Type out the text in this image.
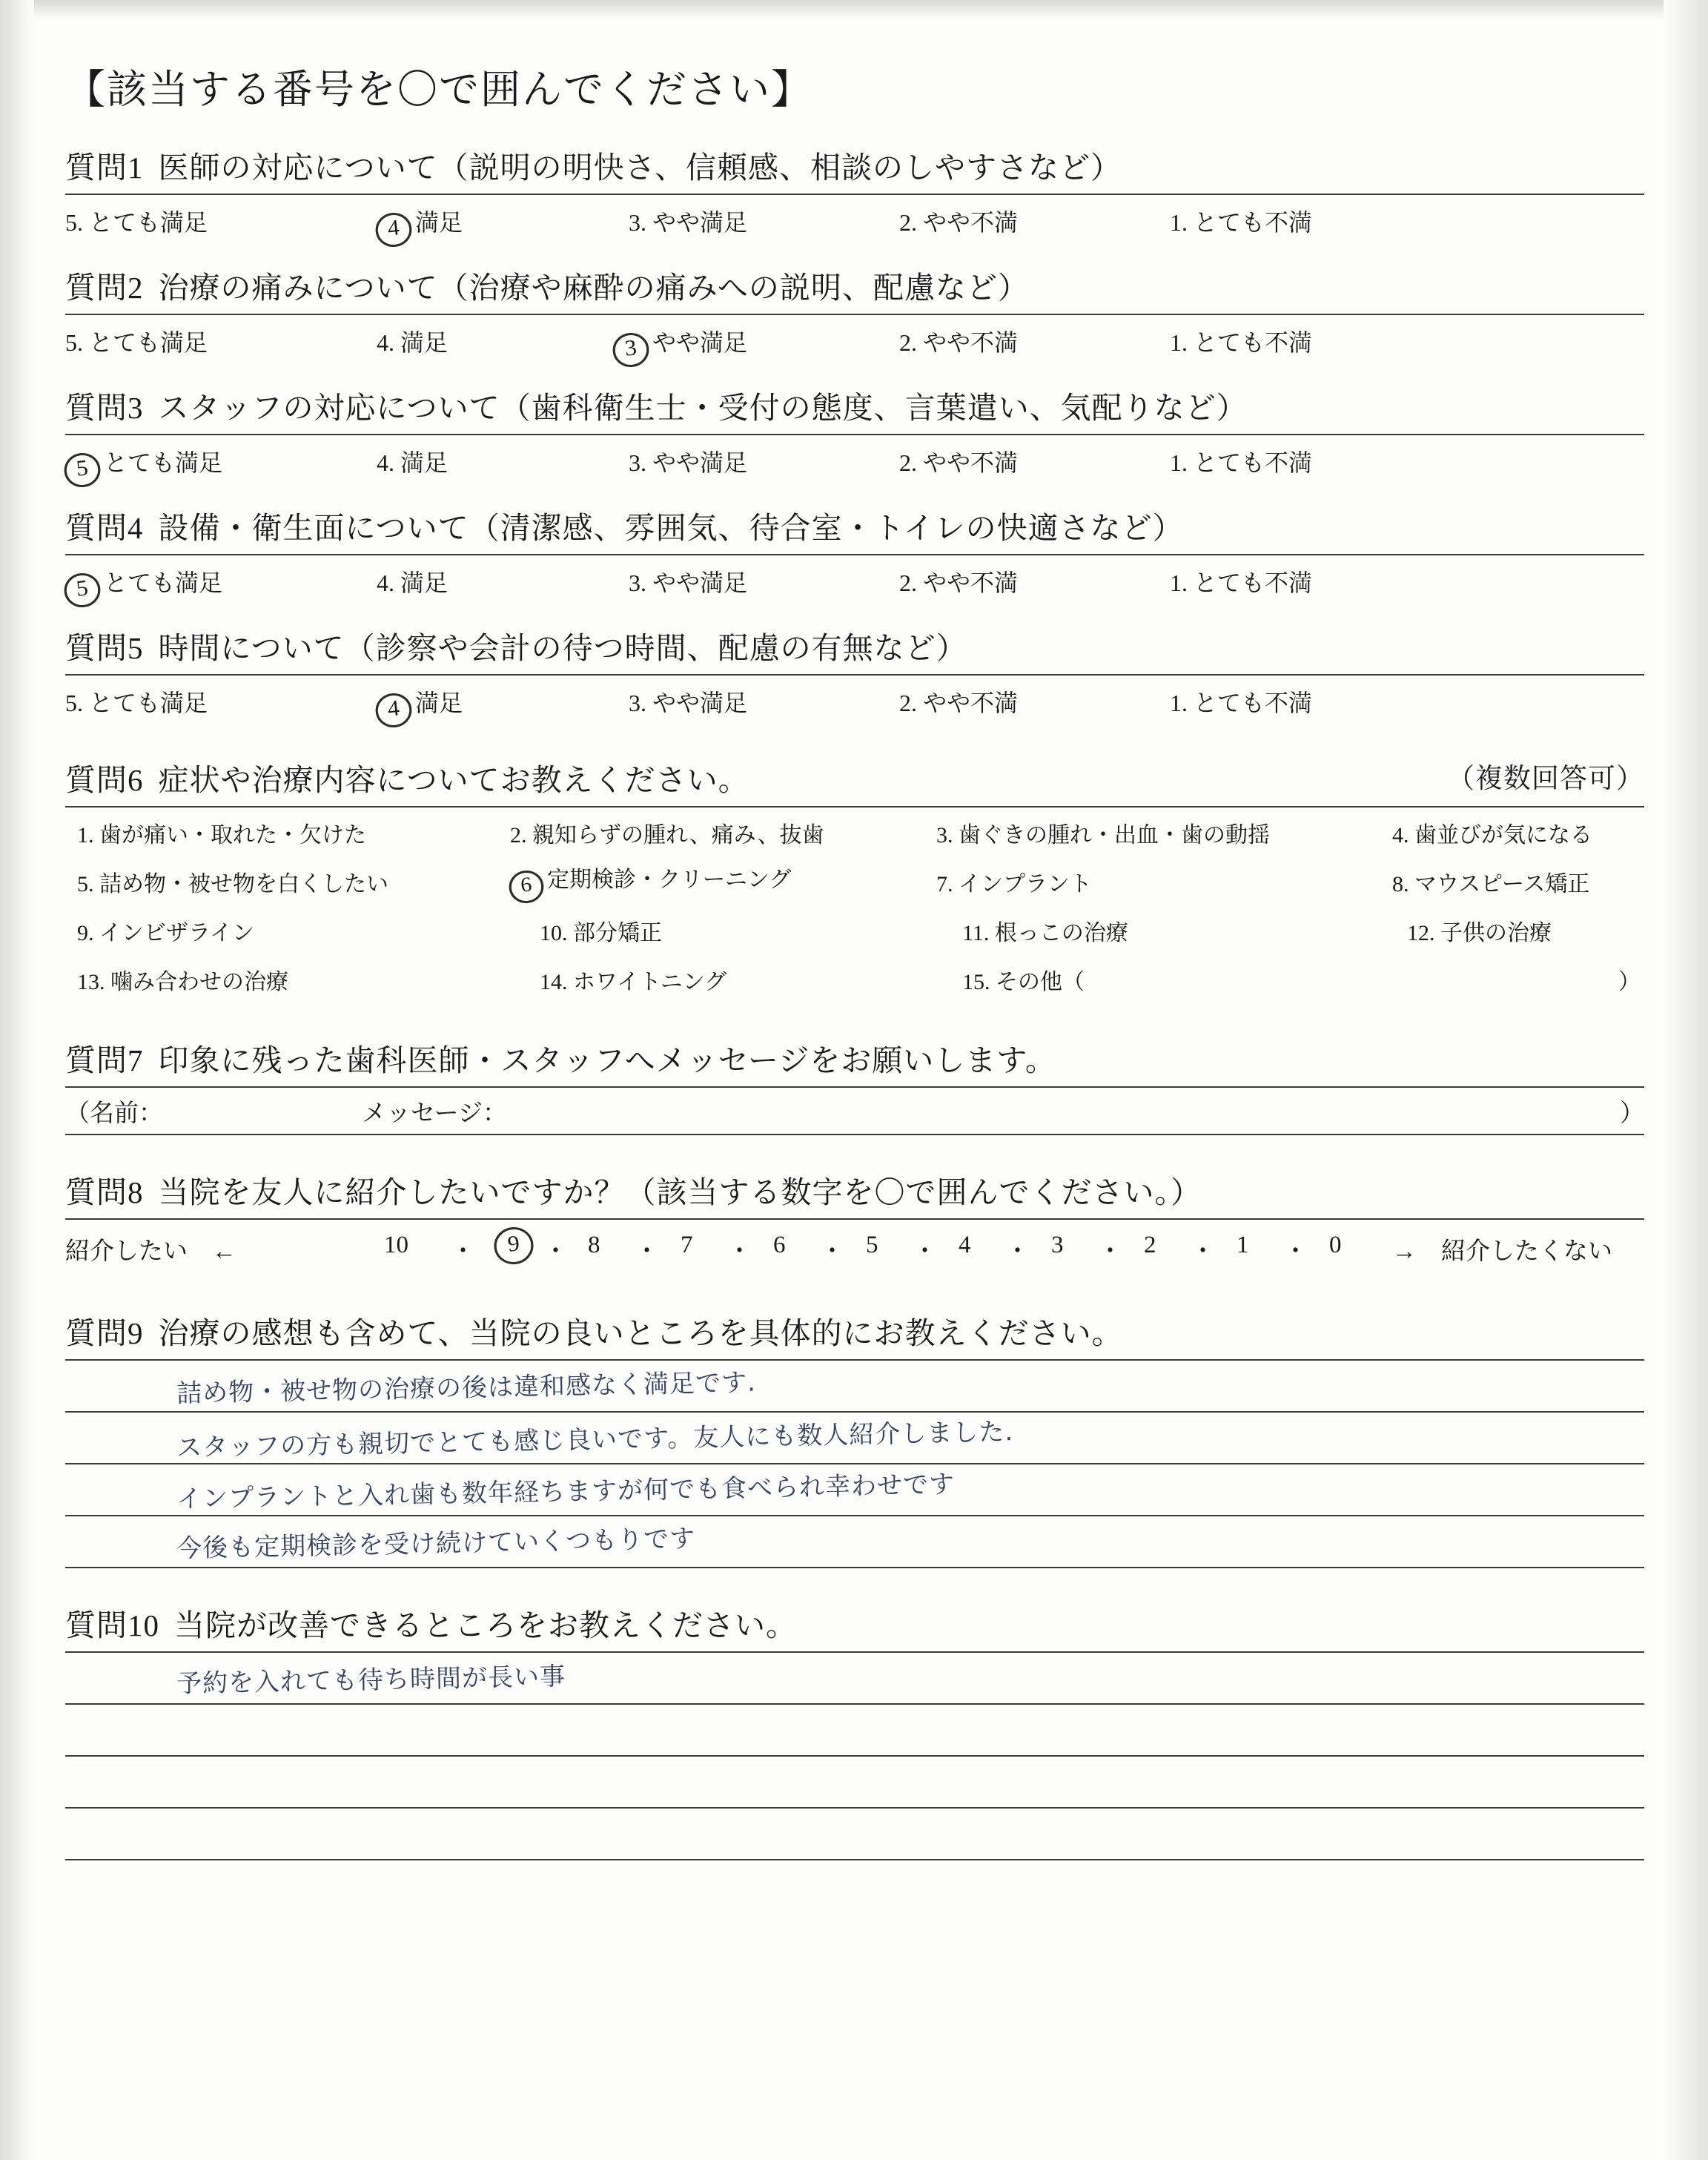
【該当する番号を〇で囲んでください】
質問1 医師の対応について（説明の明快さ、信頼感、相談のしやすさなど）
5. とても満足	4 満足	3. やや満足	2. やや不満	1. とても不満
質問2 治療の痛みについて（治療や麻酔の痛みへの説明、配慮など）
5. とても満足	4. 満足	3 やや満足	2. やや不満	1. とても不満
質問3 スタッフの対応について（歯科衛生士・受付の態度、言葉遣い、気配りなど）
5 とても満足	4. 満足	3. やや満足	2. やや不満	1. とても不満
質問4 設備・衛生面について（清潔感、雰囲気、待合室・トイレの快適さなど）
5 とても満足	4. 満足	3. やや満足	2. やや不満	1. とても不満
質問5 時間について（診察や会計の待つ時間、配慮の有無など）
5. とても満足	4 満足	3. やや満足	2. やや不満	1. とても不満
（複数回答可）
質問6 症状や治療内容についてお教えください。
1. 歯が痛い・取れた・欠けた	2. 親知らずの腫れ、痛み、抜歯	3. 歯ぐきの腫れ・出血・歯の動揺	4. 歯並びが気になる
5. 詰め物・被せ物を白くしたい	6 定期検診・クリーニング	7. インプラント	8. マウスピース矯正
9. インビザライン	10. 部分矯正	11. 根っこの治療	12. 子供の治療
13. 噛み合わせの治療	14. ホワイトニング	15. その他（	）
質問7 印象に残った歯科医師・スタッフへメッセージをお願いします。
（名前：	メッセージ：	）
質問8 当院を友人に紹介したいですか？（該当する数字を〇で囲んでください。）
紹介したい　←	10 ・	9 ・ 8 ・ 7 ・ 6 ・ 5 ・ 4 ・ 3 ・ 2 ・ 1 ・ 0 →　紹介したくない
質問9 治療の感想も含めて、当院の良いところを具体的にお教えください。
詰め物・被せ物の治療の後は違和感なく満足です.
スタッフの方も親切でとても感じ良いです。友人にも数人紹介しました.
インプラントと入れ歯も数年経ちますが何でも食べられ幸わせです
今後も定期検診を受け続けていくつもりです
質問10 当院が改善できるところをお教えください。
予約を入れても待ち時間が長い事
